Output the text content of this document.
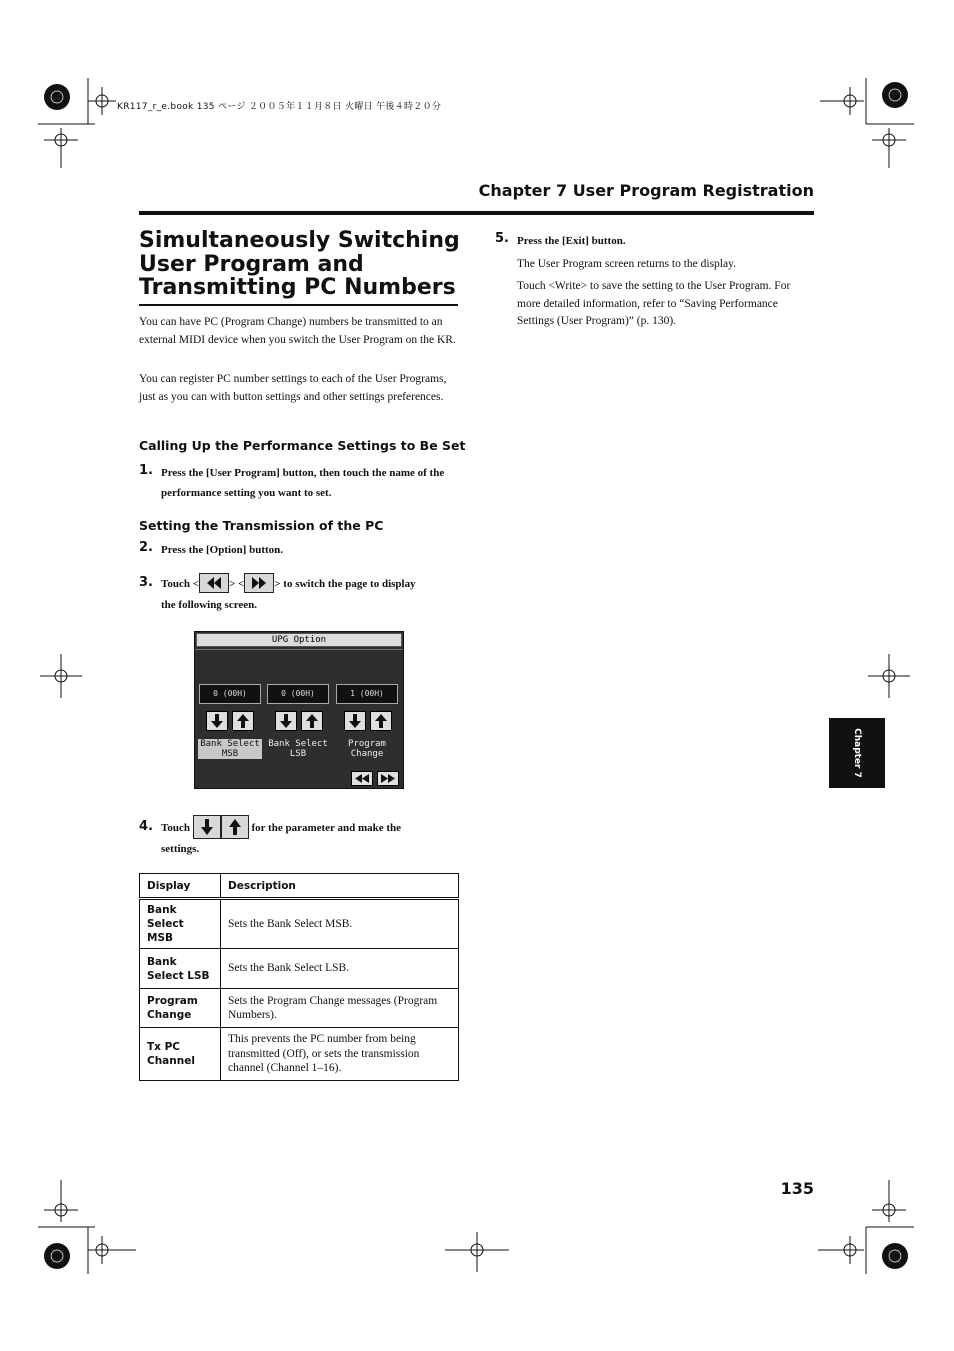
KR117_r_e.book 135 ページ ２００５年１１月８日 火曜日 午後４時２０分
Chapter 7 User Program Registration
Simultaneously Switching
User Program and
Transmitting PC Numbers
You can have PC (Program Change) numbers be transmitted to an external MIDI device when you switch the User Program on the KR.
You can register PC number settings to each of the User Programs, just as you can with button settings and other settings preferences.
Calling Up the Performance Settings to Be Set
1. Press the [User Program] button, then touch the name of the performance setting you want to set.
Setting the Transmission of the PC
2. Press the [Option] button.
3. Touch <	> <	> to switch the page to display
the following screen.
UPG Option
0 (00H)	0 (00H)	1 (00H)
Bank Select
MSB
Bank Select
LSB
Program
Change
4. Touch	for the parameter and make the
settings.
Display	Description

Bank
Select MSB	Sets the Bank Select MSB.

Bank
Select LSB	Sets the Bank Select LSB.

Program
Change	Sets the Program Change messages (Program Numbers).

Tx PC
Channel	This prevents the PC number from being transmitted (Off), or sets the transmission channel (Channel 1–16).
5. Press the [Exit] button.
The User Program screen returns to the display.
Touch <Write> to save the setting to the User Program. For more detailed information, refer to “Saving Performance Settings (User Program)” (p. 130).
Chapter 7
135
